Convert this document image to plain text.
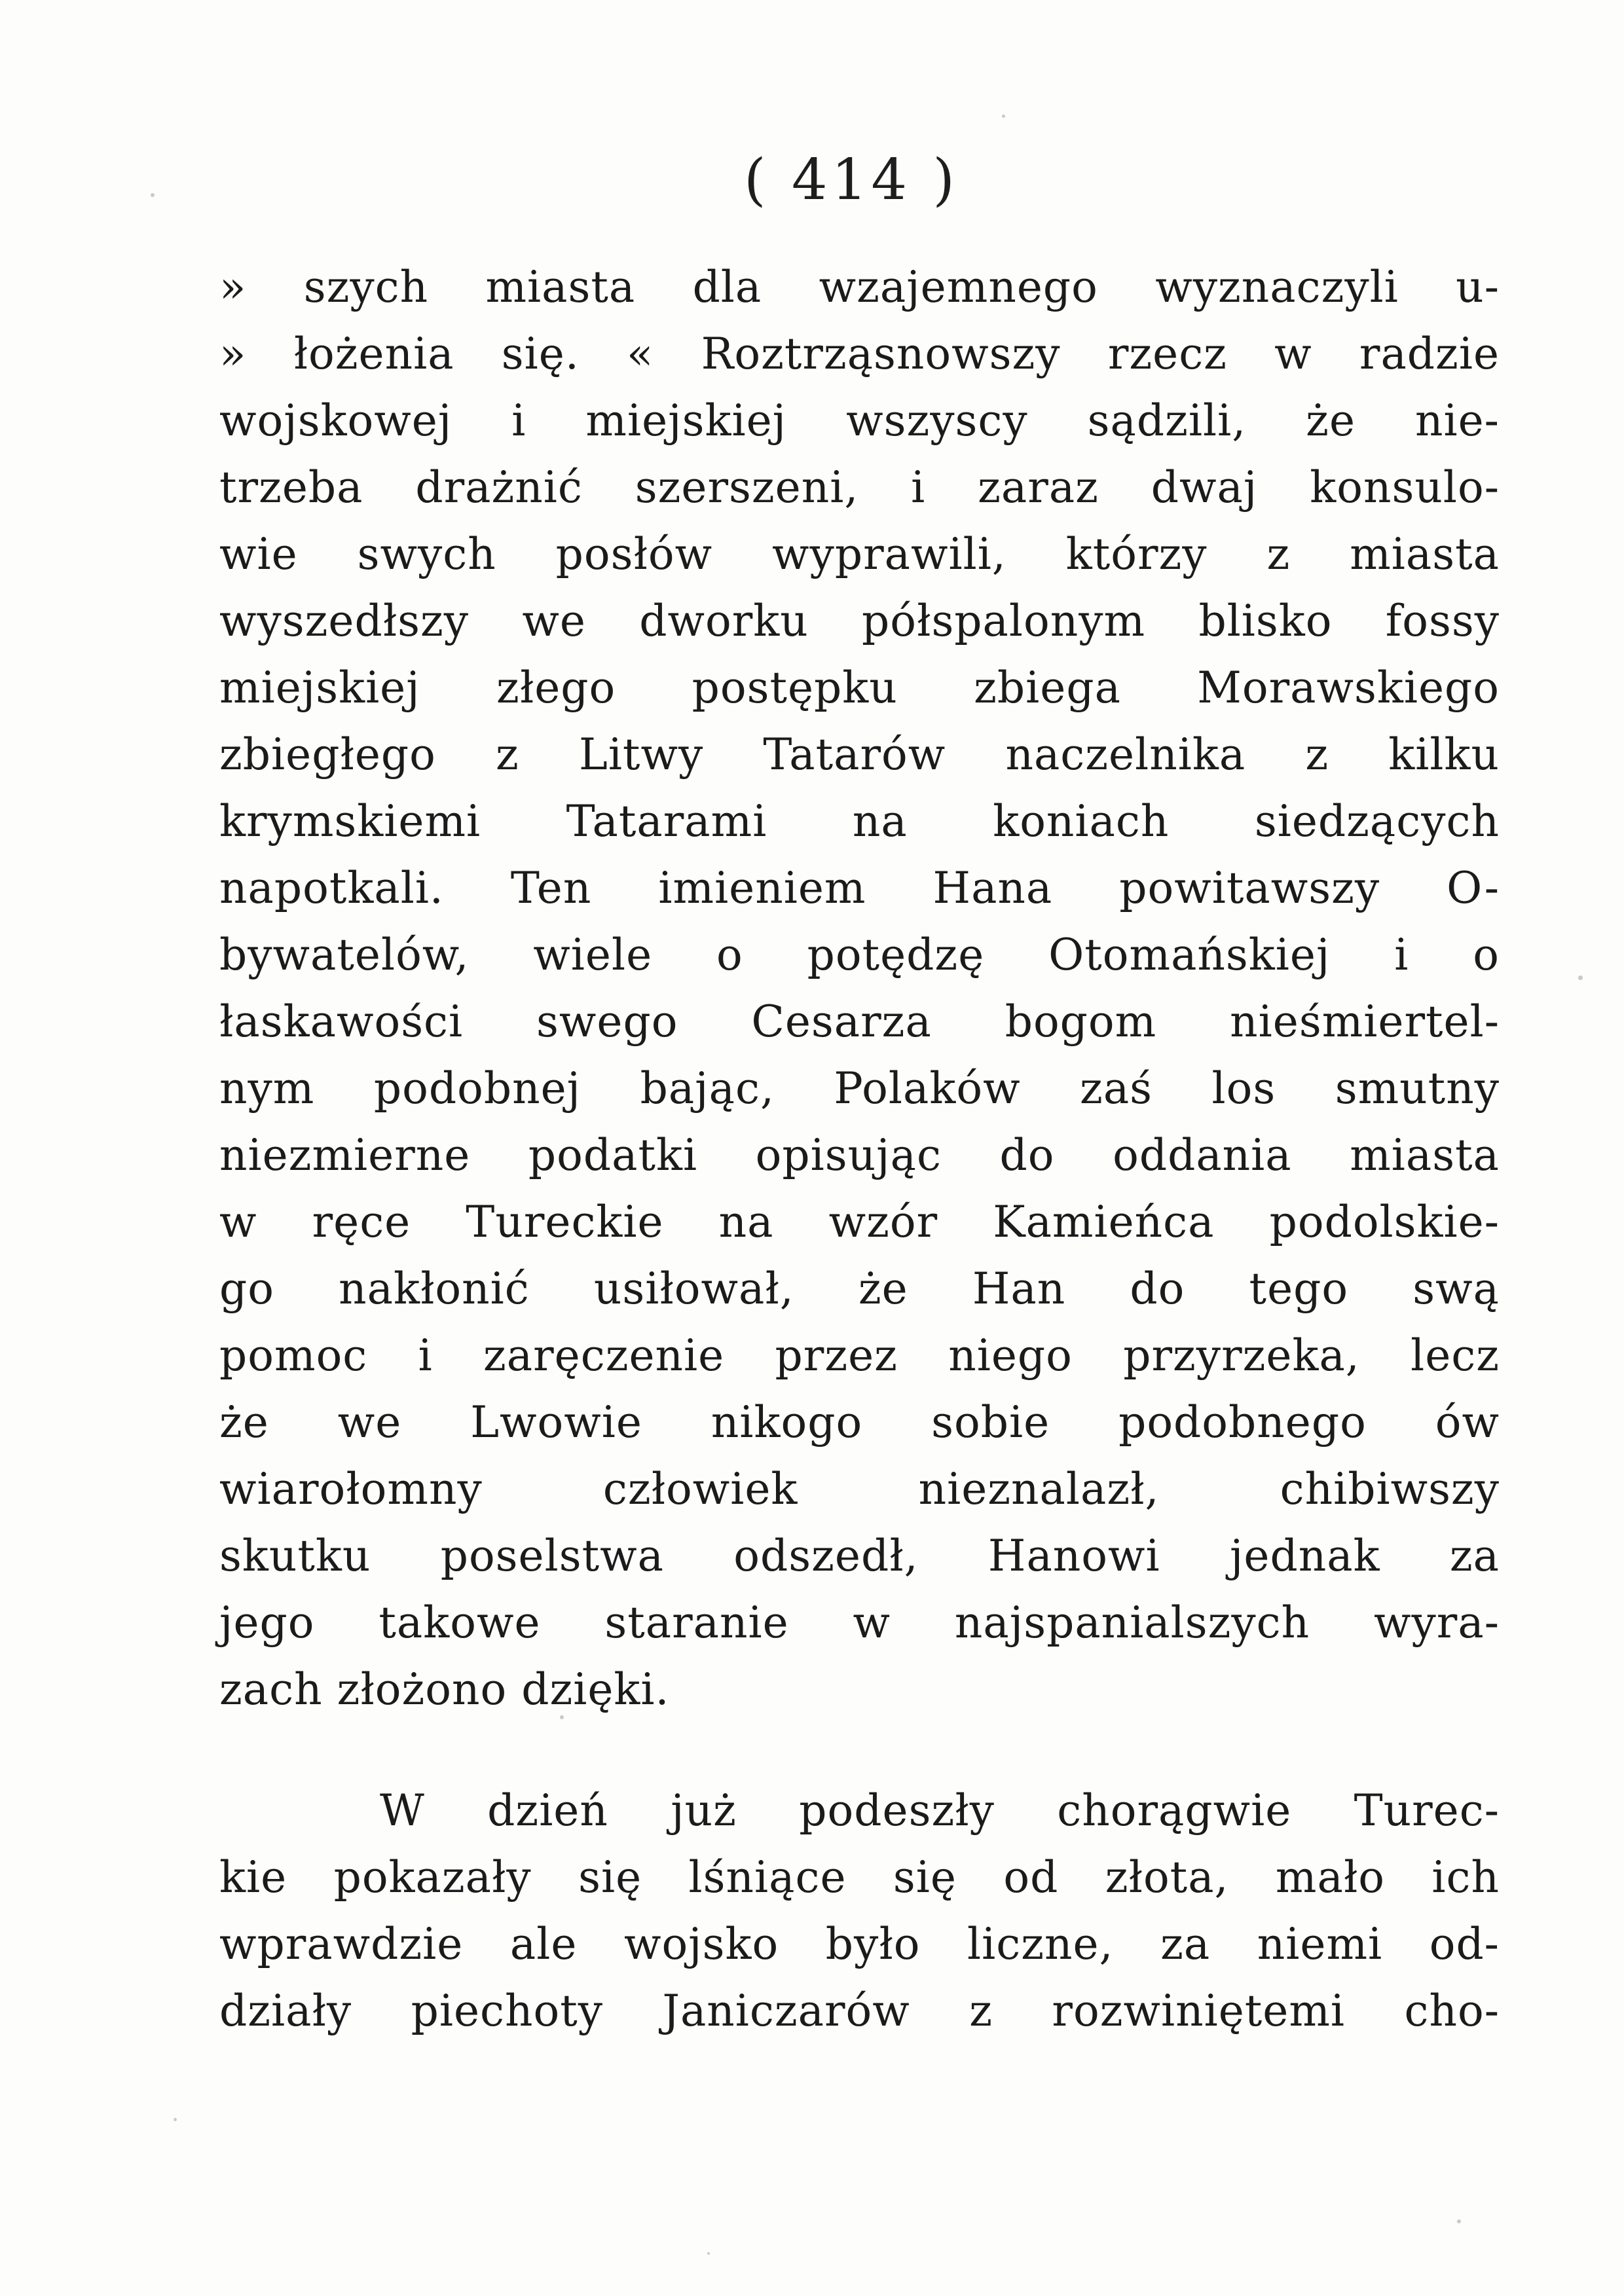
( 414 )
» szych miasta dla wzajemnego wyznaczyli u-
» łożenia się. « Roztrząsnowszy rzecz w radzie
wojskowej i miejskiej wszyscy sądzili, że nie-
trzeba drażnić szerszeni, i zaraz dwaj konsulo-
wie swych posłów wyprawili, którzy z miasta
wyszedłszy we dworku półspalonym blisko fossy
miejskiej złego postępku zbiega Morawskiego
zbiegłego z Litwy Tatarów naczelnika z kilku
krymskiemi Tatarami na koniach siedzących
napotkali. Ten imieniem Hana powitawszy O-
bywatelów, wiele o potędzę Otomańskiej i o
łaskawości swego Cesarza bogom nieśmiertel-
nym podobnej bając, Polaków zaś los smutny
niezmierne podatki opisując do oddania miasta
w ręce Tureckie na wzór Kamieńca podolskie-
go nakłonić usiłował, że Han do tego swą
pomoc i zaręczenie przez niego przyrzeka, lecz
że we Lwowie nikogo sobie podobnego ów
wiarołomny człowiek nieznalazł, chibiwszy
skutku poselstwa odszedł, Hanowi jednak za
jego takowe staranie w najspanialszych wyra-
zach złożono dzięki.
W dzień już podeszły chorągwie Turec-
kie pokazały się lśniące się od złota, mało ich
wprawdzie ale wojsko było liczne, za niemi od-
działy piechoty Janiczarów z rozwiniętemi cho-
